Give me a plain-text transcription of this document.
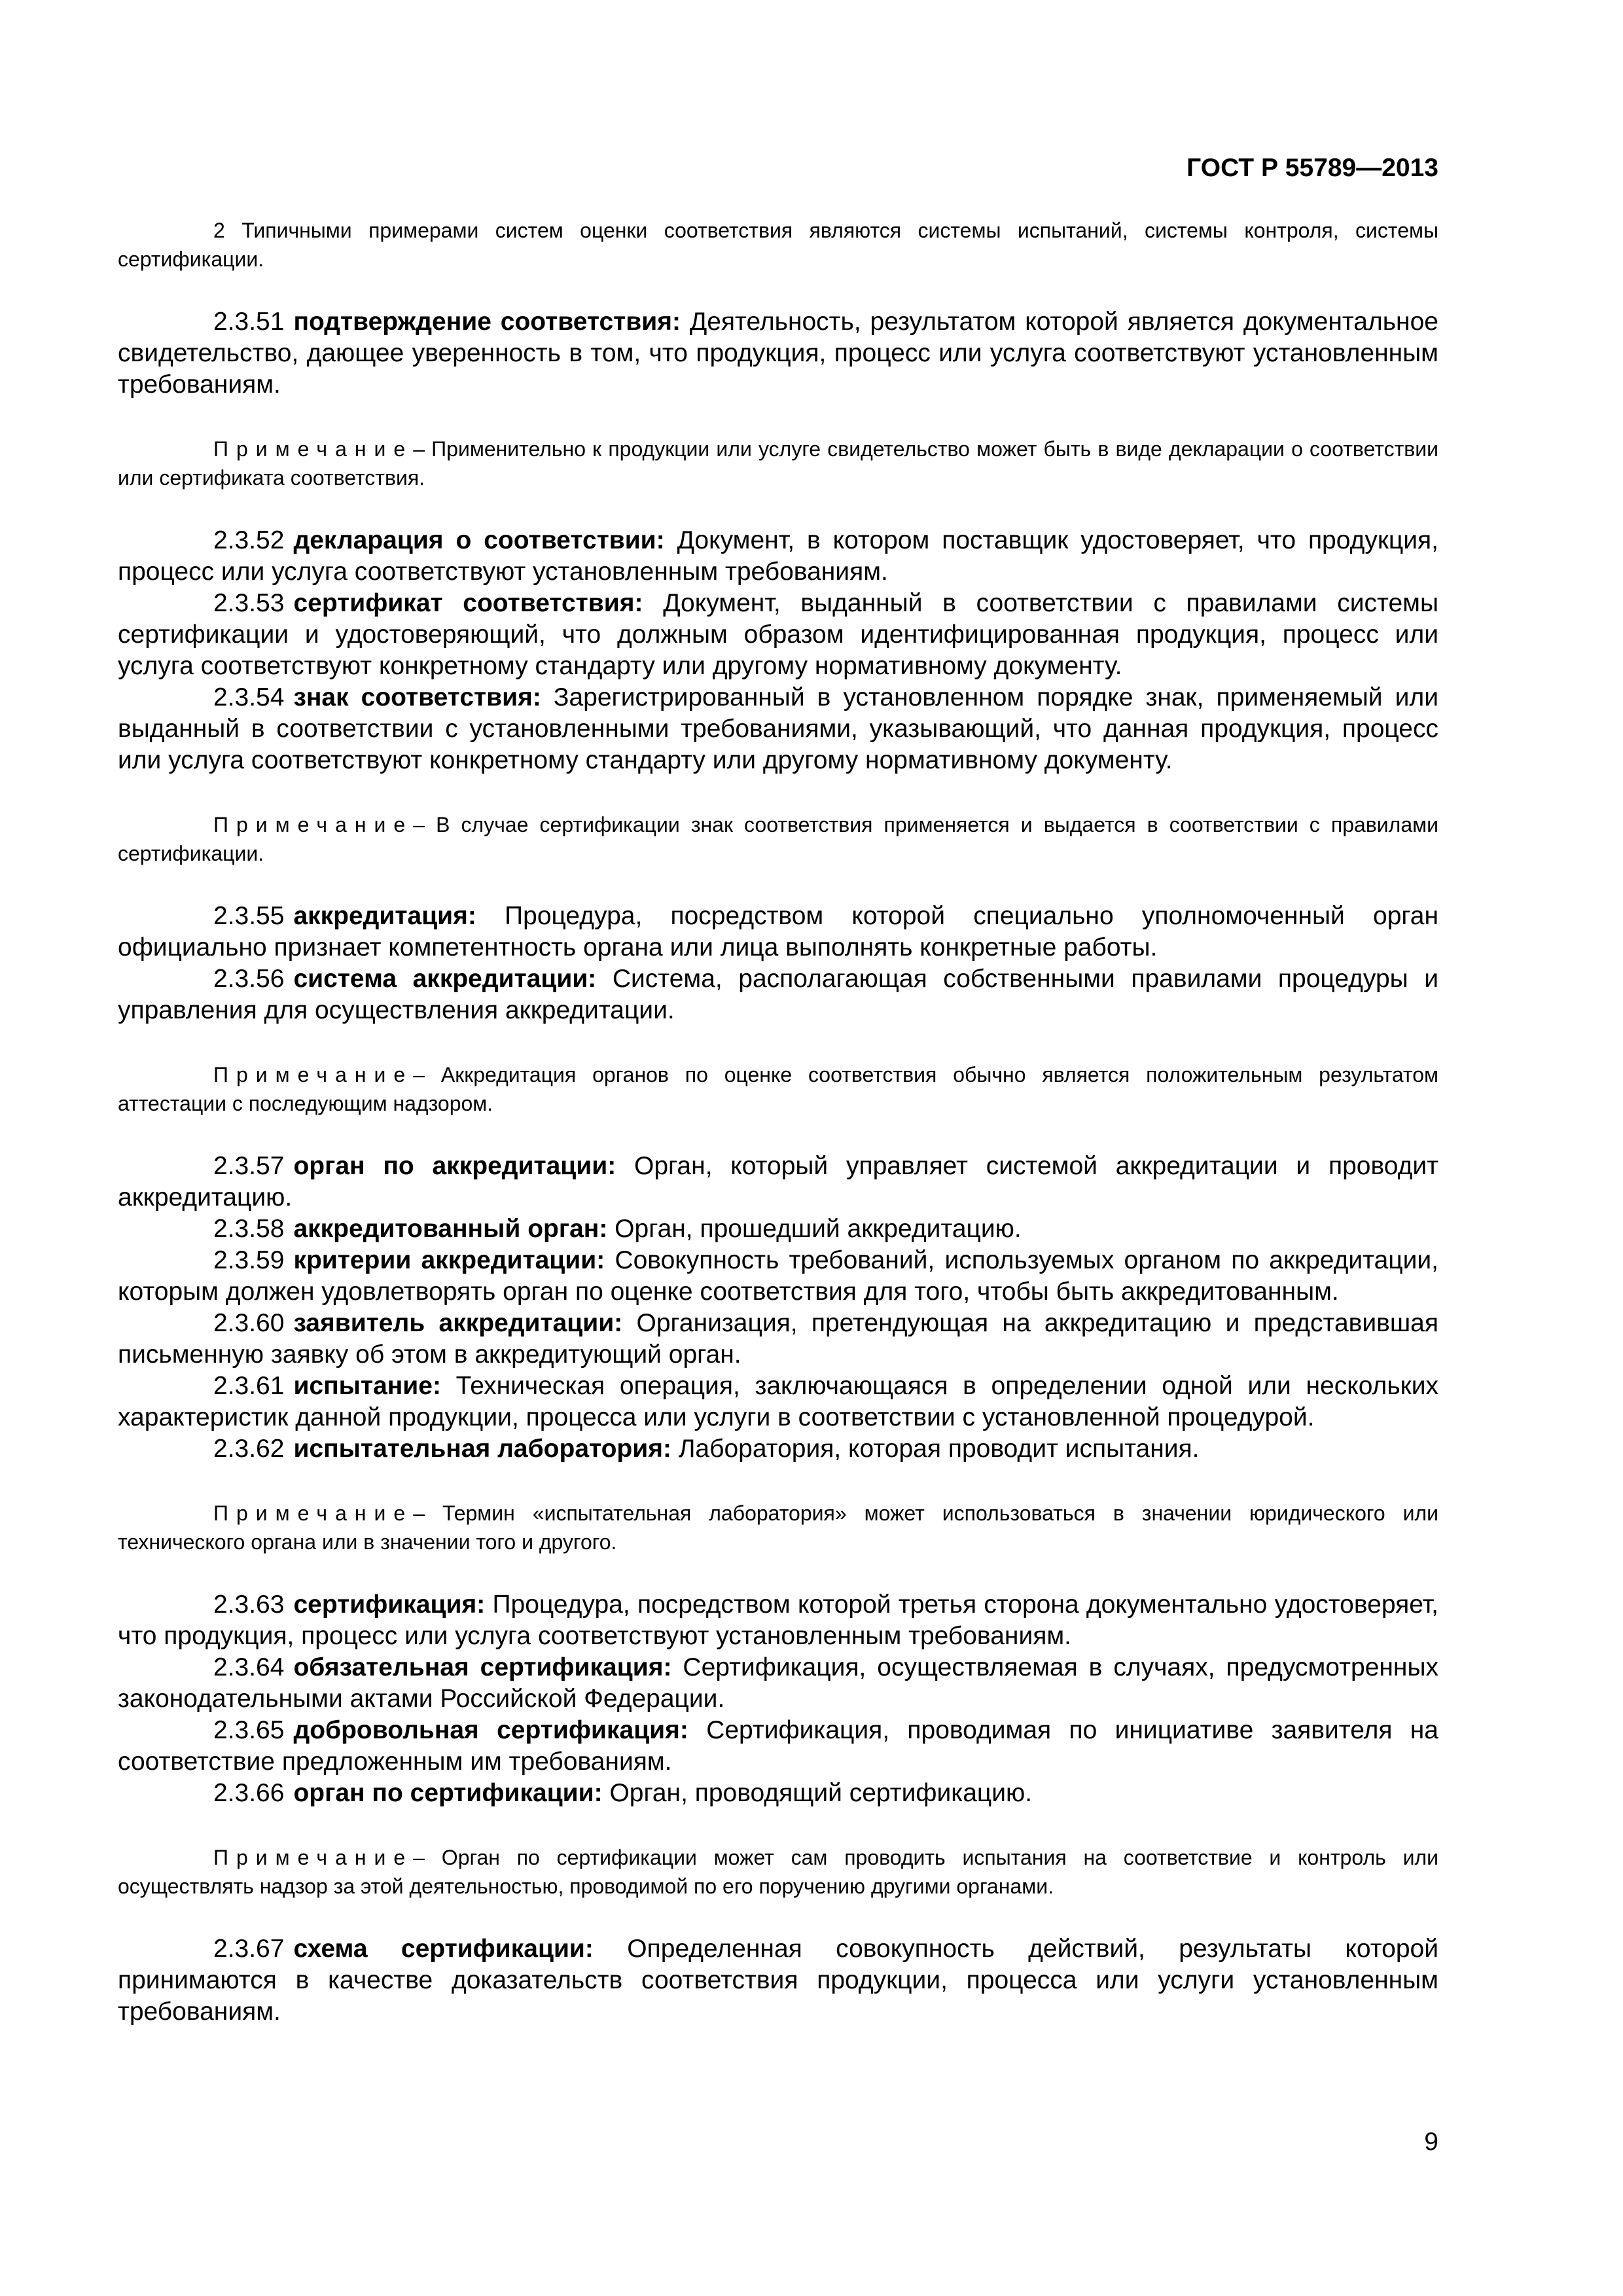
ГОСТ Р 55789—2013

2 Типичными примерами систем оценки соответствия являются системы испытаний, системы контроля, системы сертификации.

2.3.51 подтверждение соответствия: Деятельность, результатом которой является документальное свидетельство, дающее уверенность в том, что продукция, процесс или услуга соответствуют установленным требованиям.

Примечание– Применительно к продукции или услуге свидетельство может быть в виде декларации о соответствии или сертификата соответствия.

2.3.52 декларация о соответствии: Документ, в котором поставщик удостоверяет, что продукция, процесс или услуга соответствуют установленным требованиям.

2.3.53 сертификат соответствия: Документ, выданный в соответствии с правилами системы сертификации и удостоверяющий, что должным образом идентифицированная продукция, процесс или услуга соответствуют конкретному стандарту или другому нормативному документу.

2.3.54 знак соответствия: Зарегистрированный в установленном порядке знак, применяемый или выданный в соответствии с установленными требованиями, указывающий, что данная продукция, процесс или услуга соответствуют конкретному стандарту или другому нормативному документу.

Примечание– В случае сертификации знак соответствия применяется и выдается в соответствии с правилами сертификации.

2.3.55 аккредитация: Процедура, посредством которой специально уполномоченный орган официально признает компетентность органа или лица выполнять конкретные работы.

2.3.56 система аккредитации: Система, располагающая собственными правилами процедуры и управления для осуществления аккредитации.

Примечание– Аккредитация органов по оценке соответствия обычно является положительным результатом аттестации с последующим надзором.

2.3.57 орган по аккредитации: Орган, который управляет системой аккредитации и проводит аккредитацию.

2.3.58 аккредитованный орган: Орган, прошедший аккредитацию.

2.3.59 критерии аккредитации: Совокупность требований, используемых органом по аккредитации, которым должен удовлетворять орган по оценке соответствия для того, чтобы быть аккредитованным.

2.3.60 заявитель аккредитации: Организация, претендующая на аккредитацию и представившая письменную заявку об этом в аккредитующий орган.

2.3.61 испытание: Техническая операция, заключающаяся в определении одной или нескольких характеристик данной продукции, процесса или услуги в соответствии с установленной процедурой.

2.3.62 испытательная лаборатория: Лаборатория, которая проводит испытания.

Примечание– Термин «испытательная лаборатория» может использоваться в значении юридического или технического органа или в значении того и другого.

2.3.63 сертификация: Процедура, посредством которой третья сторона документально удостоверяет, что продукция, процесс или услуга соответствуют установленным требованиям.

2.3.64 обязательная сертификация: Сертификация, осуществляемая в случаях, предусмотренных законодательными актами Российской Федерации.

2.3.65 добровольная сертификация: Сертификация, проводимая по инициативе заявителя на соответствие предложенным им требованиям.

2.3.66 орган по сертификации: Орган, проводящий сертификацию.

Примечание– Орган по сертификации может сам проводить испытания на соответствие и контроль или осуществлять надзор за этой деятельностью, проводимой по его поручению другими органами.

2.3.67 схема сертификации: Определенная совокупность действий, результаты которой принимаются в качестве доказательств соответствия продукции, процесса или услуги установленным требованиям.

9
